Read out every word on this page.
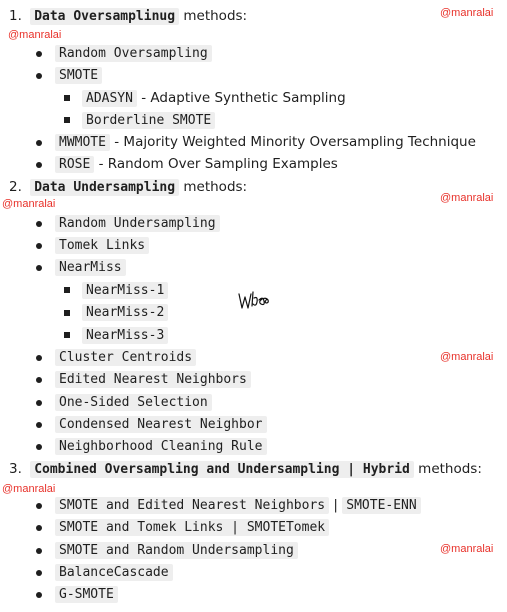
1. Data Oversamplinug methods:
Random Oversampling
SMOTE
ADASYN - Adaptive Synthetic Sampling
Borderline SMOTE
MWMOTE - Majority Weighted Minority Oversampling Technique
ROSE - Random Over Sampling Examples
2. Data Undersampling methods:
Random Undersampling
Tomek Links
NearMiss
NearMiss-1
NearMiss-2
NearMiss-3
Cluster Centroids
Edited Nearest Neighbors
One-Sided Selection
Condensed Nearest Neighbor
Neighborhood Cleaning Rule
3. Combined Oversampling and Undersampling | Hybrid methods:
SMOTE and Edited Nearest Neighbors | SMOTE-ENN
SMOTE and Tomek Links | SMOTETomek
SMOTE and Random Undersampling
BalanceCascade
G-SMOTE
@manralai
@manralai
@manralai
@manralai
@manralai
@manralai
@manralai
